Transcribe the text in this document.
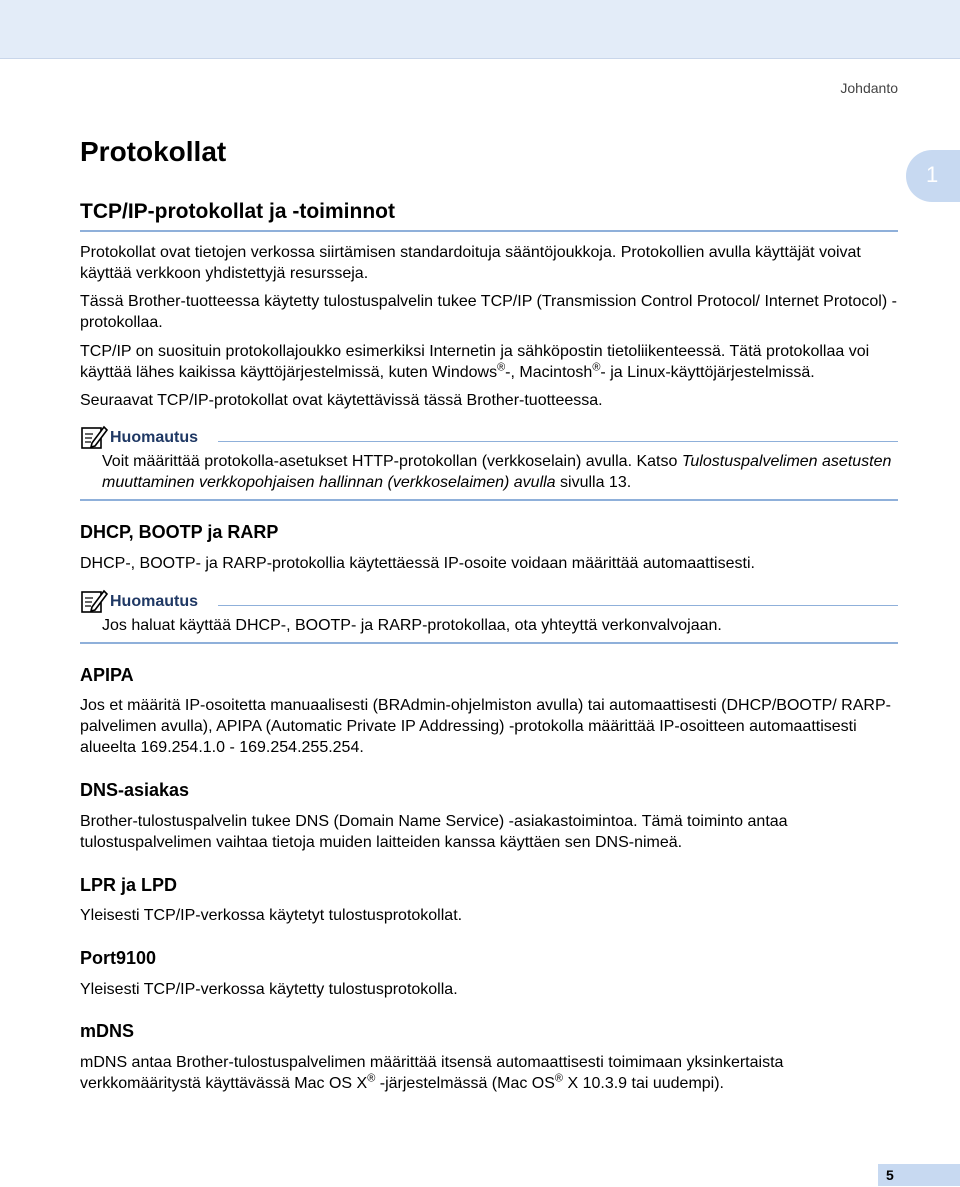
Johdanto
1
Protokollat
TCP/IP-protokollat ja -toiminnot

Protokollat ovat tietojen verkossa siirtämisen standardoituja sääntöjoukkoja. Protokollien avulla käyttäjät voivat käyttää verkkoon yhdistettyjä resursseja.

Tässä Brother-tuotteessa käytetty tulostuspalvelin tukee TCP/IP (Transmission Control Protocol/ Internet Protocol) -protokollaa.

TCP/IP on suosituin protokollajoukko esimerkiksi Internetin ja sähköpostin tietoliikenteessä. Tätä protokollaa voi käyttää lähes kaikissa käyttöjärjestelmissä, kuten Windows®-, Macintosh®- ja Linux-käyttöjärjestelmissä.

Seuraavat TCP/IP-protokollat ovat käytettävissä tässä Brother-tuotteessa.

Huomautus

Voit määrittää protokolla-asetukset HTTP-protokollan (verkkoselain) avulla. Katso Tulostuspalvelimen asetusten muuttaminen verkkopohjaisen hallinnan (verkkoselaimen) avulla sivulla 13.

DHCP, BOOTP ja RARP

DHCP-, BOOTP- ja RARP-protokollia käytettäessä IP-osoite voidaan määrittää automaattisesti.

Huomautus

Jos haluat käyttää DHCP-, BOOTP- ja RARP-protokollaa, ota yhteyttä verkonvalvojaan.

APIPA

Jos et määritä IP-osoitetta manuaalisesti (BRAdmin-ohjelmiston avulla) tai automaattisesti (DHCP/BOOTP/ RARP-palvelimen avulla), APIPA (Automatic Private IP Addressing) -protokolla määrittää IP-osoitteen automaattisesti alueelta 169.254.1.0 - 169.254.255.254.

DNS-asiakas

Brother-tulostuspalvelin tukee DNS (Domain Name Service) -asiakastoimintoa. Tämä toiminto antaa tulostuspalvelimen vaihtaa tietoja muiden laitteiden kanssa käyttäen sen DNS-nimeä.

LPR ja LPD

Yleisesti TCP/IP-verkossa käytetyt tulostusprotokollat.

Port9100

Yleisesti TCP/IP-verkossa käytetty tulostusprotokolla.

mDNS

mDNS antaa Brother-tulostuspalvelimen määrittää itsensä automaattisesti toimimaan yksinkertaista verkkomääritystä käyttävässä Mac OS X® -järjestelmässä (Mac OS® X 10.3.9 tai uudempi).

5
